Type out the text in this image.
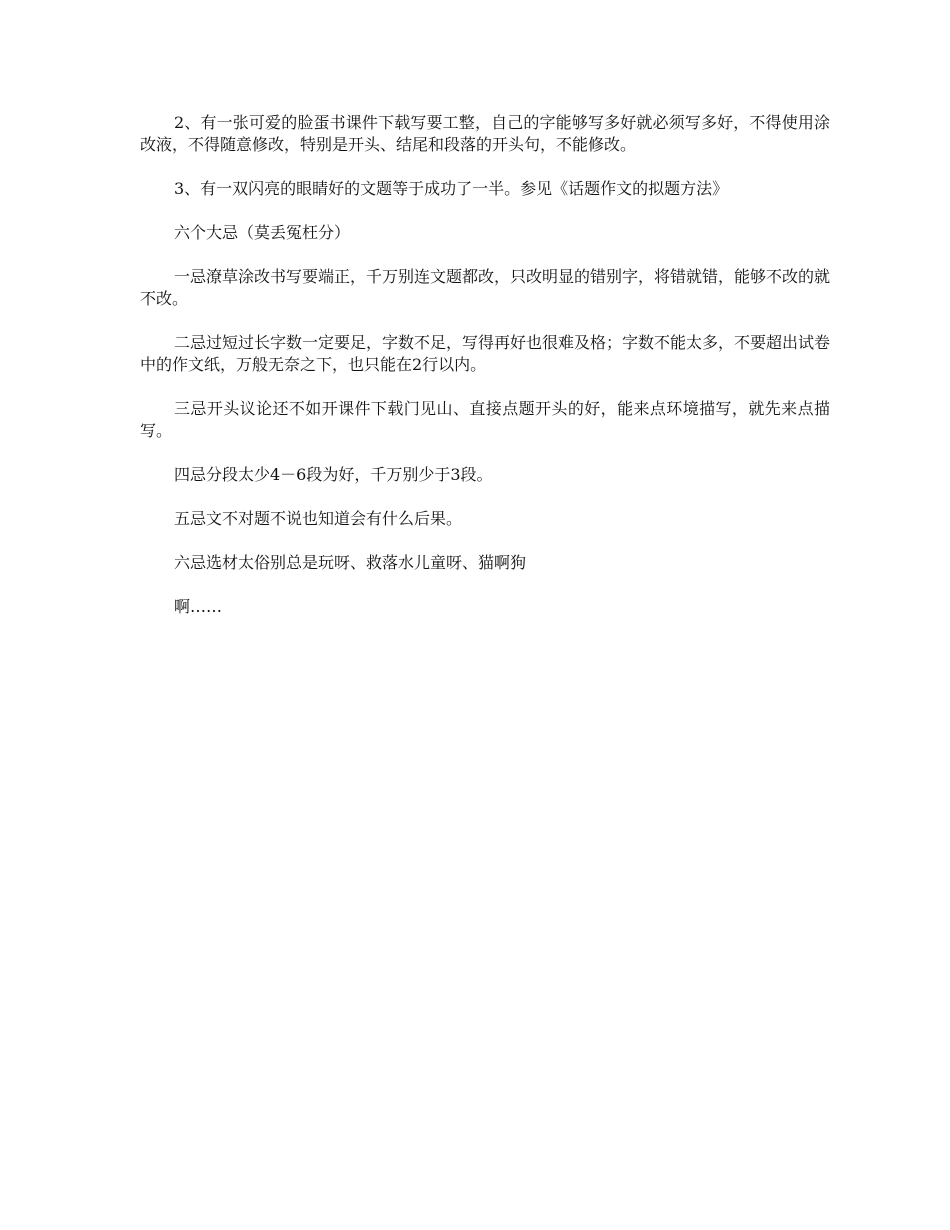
2、有一张可爱的脸蛋书课件下载写要工整，自己的字能够写多好就必须写多好，不得使用涂改液，不得随意修改，特别是开头、结尾和段落的开头句，不能修改。

3、有一双闪亮的眼睛好的文题等于成功了一半。参见《话题作文的拟题方法》

六个大忌（莫丢冤枉分）

一忌潦草涂改书写要端正，千万别连文题都改，只改明显的错别字，将错就错，能够不改的就不改。

二忌过短过长字数一定要足，字数不足，写得再好也很难及格；字数不能太多，不要超出试卷中的作文纸，万般无奈之下，也只能在2行以内。

三忌开头议论还不如开课件下载门见山、直接点题开头的好，能来点环境描写，就先来点描写。

四忌分段太少4－6段为好，千万别少于3段。

五忌文不对题不说也知道会有什么后果。

六忌选材太俗别总是玩呀、救落水儿童呀、猫啊狗

啊……
